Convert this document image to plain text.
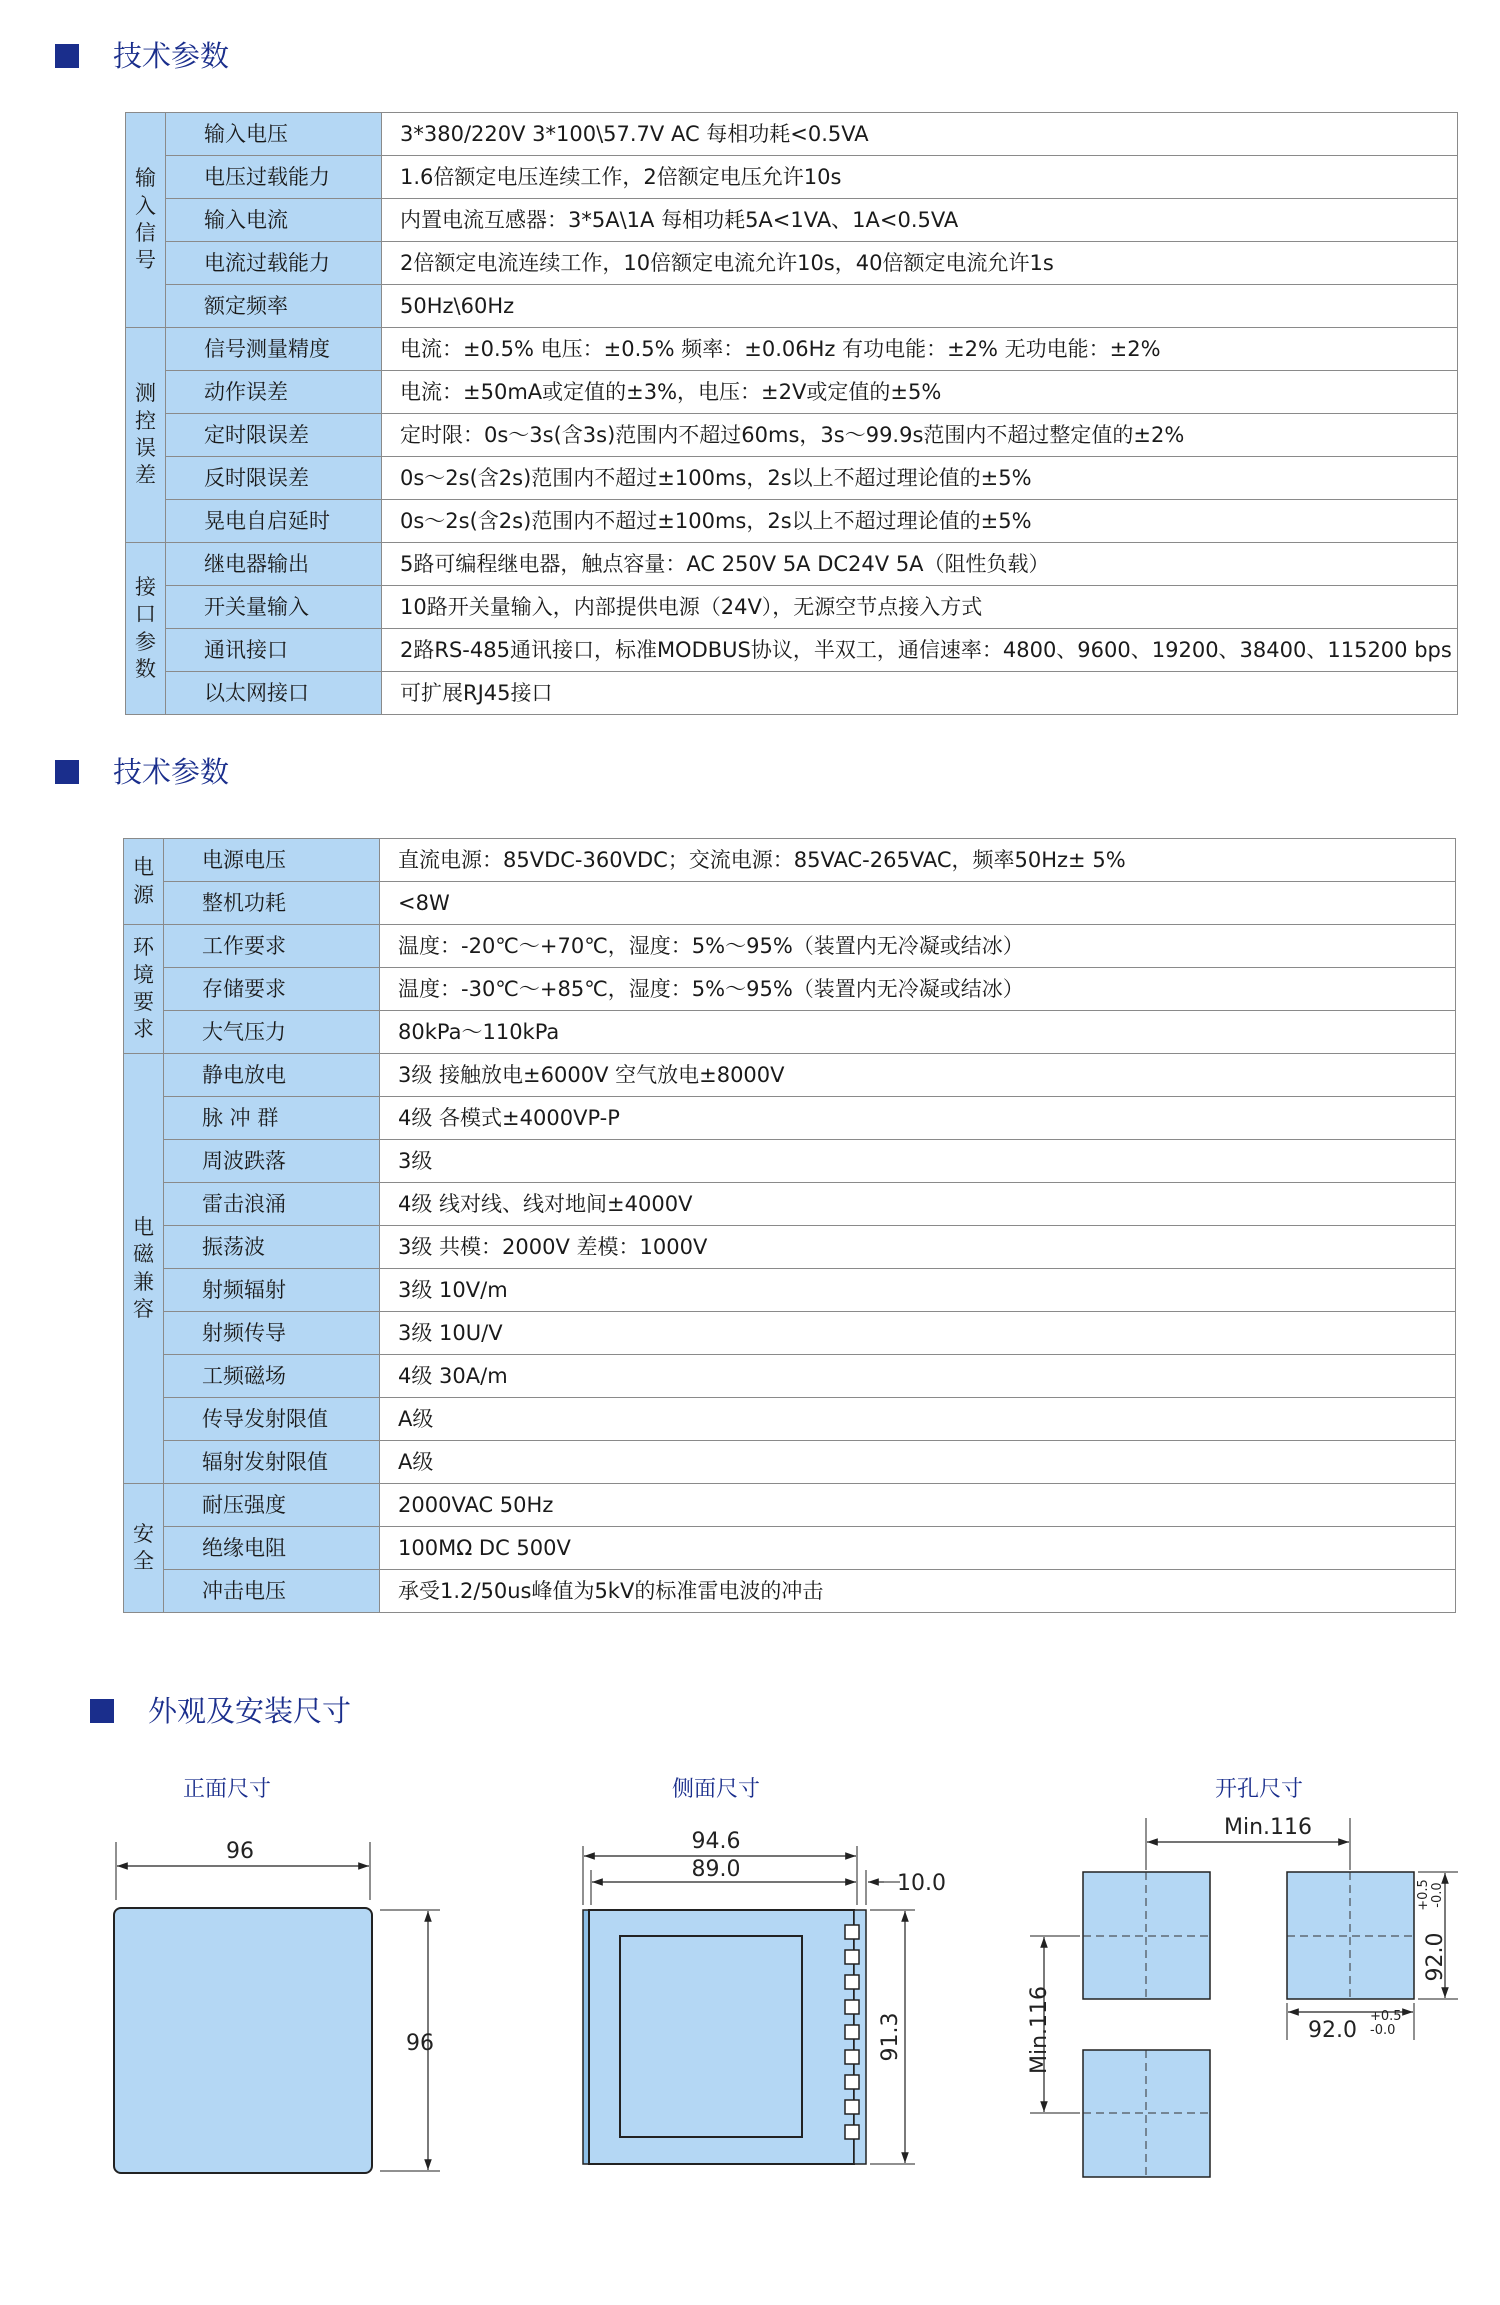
技术参数
输入信号	输入电压	3*380/220V 3*100\57.7V AC 每相功耗<0.5VA
	电压过载能力	1.6倍额定电压连续工作，2倍额定电压允许10s
	输入电流	内置电流互感器：3*5A\1A 每相功耗5A<1VA、1A<0.5VA
	电流过载能力	2倍额定电流连续工作，10倍额定电流允许10s，40倍额定电流允许1s
	额定频率	50Hz\60Hz
测控误差	信号测量精度	电流：±0.5% 电压：±0.5% 频率：±0.06Hz 有功电能：±2% 无功电能：±2%
	动作误差	电流：±50mA或定值的±3%，电压：±2V或定值的±5%
	定时限误差	定时限：0s～3s(含3s)范围内不超过60ms，3s～99.9s范围内不超过整定值的±2%
	反时限误差	0s～2s(含2s)范围内不超过±100ms，2s以上不超过理论值的±5%
	晃电自启延时	0s～2s(含2s)范围内不超过±100ms，2s以上不超过理论值的±5%
接口参数	继电器输出	5路可编程继电器，触点容量：AC 250V 5A DC24V 5A（阻性负载）
	开关量输入	10路开关量输入，内部提供电源（24V），无源空节点接入方式
	通讯接口	2路RS-485通讯接口，标准MODBUS协议，半双工，通信速率：4800、9600、19200、38400、115200 bps
	以太网接口	可扩展RJ45接口
技术参数
电源	电源电压	直流电源：85VDC-360VDC；交流电源：85VAC-265VAC，频率50Hz± 5%
	整机功耗	<8W
环境要求	工作要求	温度：-20℃～+70℃，湿度：5%～95%（装置内无冷凝或结冰）
	存储要求	温度：-30℃～+85℃，湿度：5%～95%（装置内无冷凝或结冰）
	大气压力	80kPa～110kPa
电磁兼容	静电放电	3级 接触放电±6000V 空气放电±8000V
	脉 冲 群	4级 各模式±4000VP-P
	周波跌落	3级
	雷击浪涌	4级 线对线、线对地间±4000V
	振荡波	3级 共模：2000V 差模：1000V
	射频辐射	3级 10V/m
	射频传导	3级 10U/V
	工频磁场	4级 30A/m
	传导发射限值	A级
	辐射发射限值	A级
安全	耐压强度	2000VAC 50Hz
	绝缘电阻	100MΩ DC 500V
	冲击电压	承受1.2/50us峰值为5kV的标准雷电波的冲击
外观及安装尺寸
正面尺寸	侧面尺寸	开孔尺寸
96
96
94.6
89.0
10.0
91.3
Min.116
Min.116	92.0
+0.5
-0.0
92.0
+0.5 -0.0
